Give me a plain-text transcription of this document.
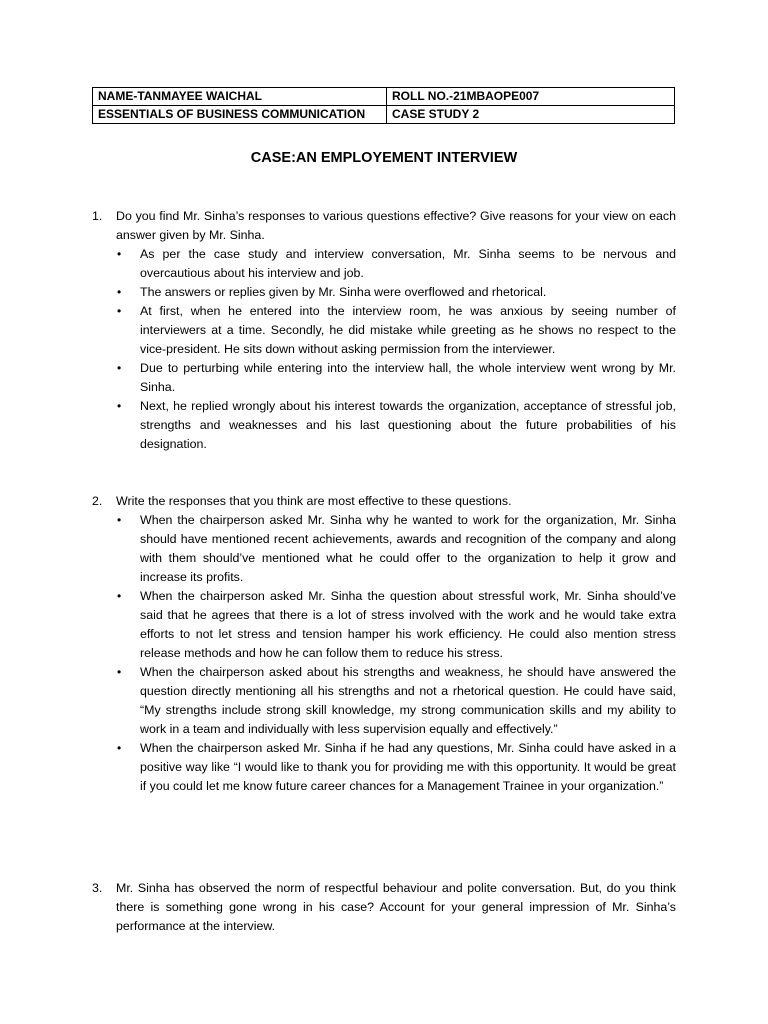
NAME-TANMAYEE WAICHAL	ROLL NO.-21MBAOPE007
ESSENTIALS OF BUSINESS COMMUNICATION	CASE STUDY 2
CASE:AN EMPLOYEMENT INTERVIEW
1. Do you find Mr. Sinha’s responses to various questions effective? Give reasons for your view on each answer given by Mr. Sinha.
• As per the case study and interview conversation, Mr. Sinha seems to be nervous and overcautious about his interview and job.
• The answers or replies given by Mr. Sinha were overflowed and rhetorical.
• At first, when he entered into the interview room, he was anxious by seeing number of interviewers at a time. Secondly, he did mistake while greeting as he shows no respect to the vice-president. He sits down without asking permission from the interviewer.
• Due to perturbing while entering into the interview hall, the whole interview went wrong by Mr. Sinha.
• Next, he replied wrongly about his interest towards the organization, acceptance of stressful job, strengths and weaknesses and his last questioning about the future probabilities of his designation.
2. Write the responses that you think are most effective to these questions.
• When the chairperson asked Mr. Sinha why he wanted to work for the organization, Mr. Sinha should have mentioned recent achievements, awards and recognition of the company and along with them should’ve mentioned what he could offer to the organization to help it grow and increase its profits.
• When the chairperson asked Mr. Sinha the question about stressful work, Mr. Sinha should’ve said that he agrees that there is a lot of stress involved with the work and he would take extra efforts to not let stress and tension hamper his work efficiency. He could also mention stress release methods and how he can follow them to reduce his stress.
• When the chairperson asked about his strengths and weakness, he should have answered the question directly mentioning all his strengths and not a rhetorical question. He could have said, “My strengths include strong skill knowledge, my strong communication skills and my ability to work in a team and individually with less supervision equally and effectively.”
• When the chairperson asked Mr. Sinha if he had any questions, Mr. Sinha could have asked in a positive way like “I would like to thank you for providing me with this opportunity. It would be great if you could let me know future career chances for a Management Trainee in your organization.”
3. Mr. Sinha has observed the norm of respectful behaviour and polite conversation. But, do you think there is something gone wrong in his case? Account for your general impression of Mr. Sinha’s performance at the interview.
